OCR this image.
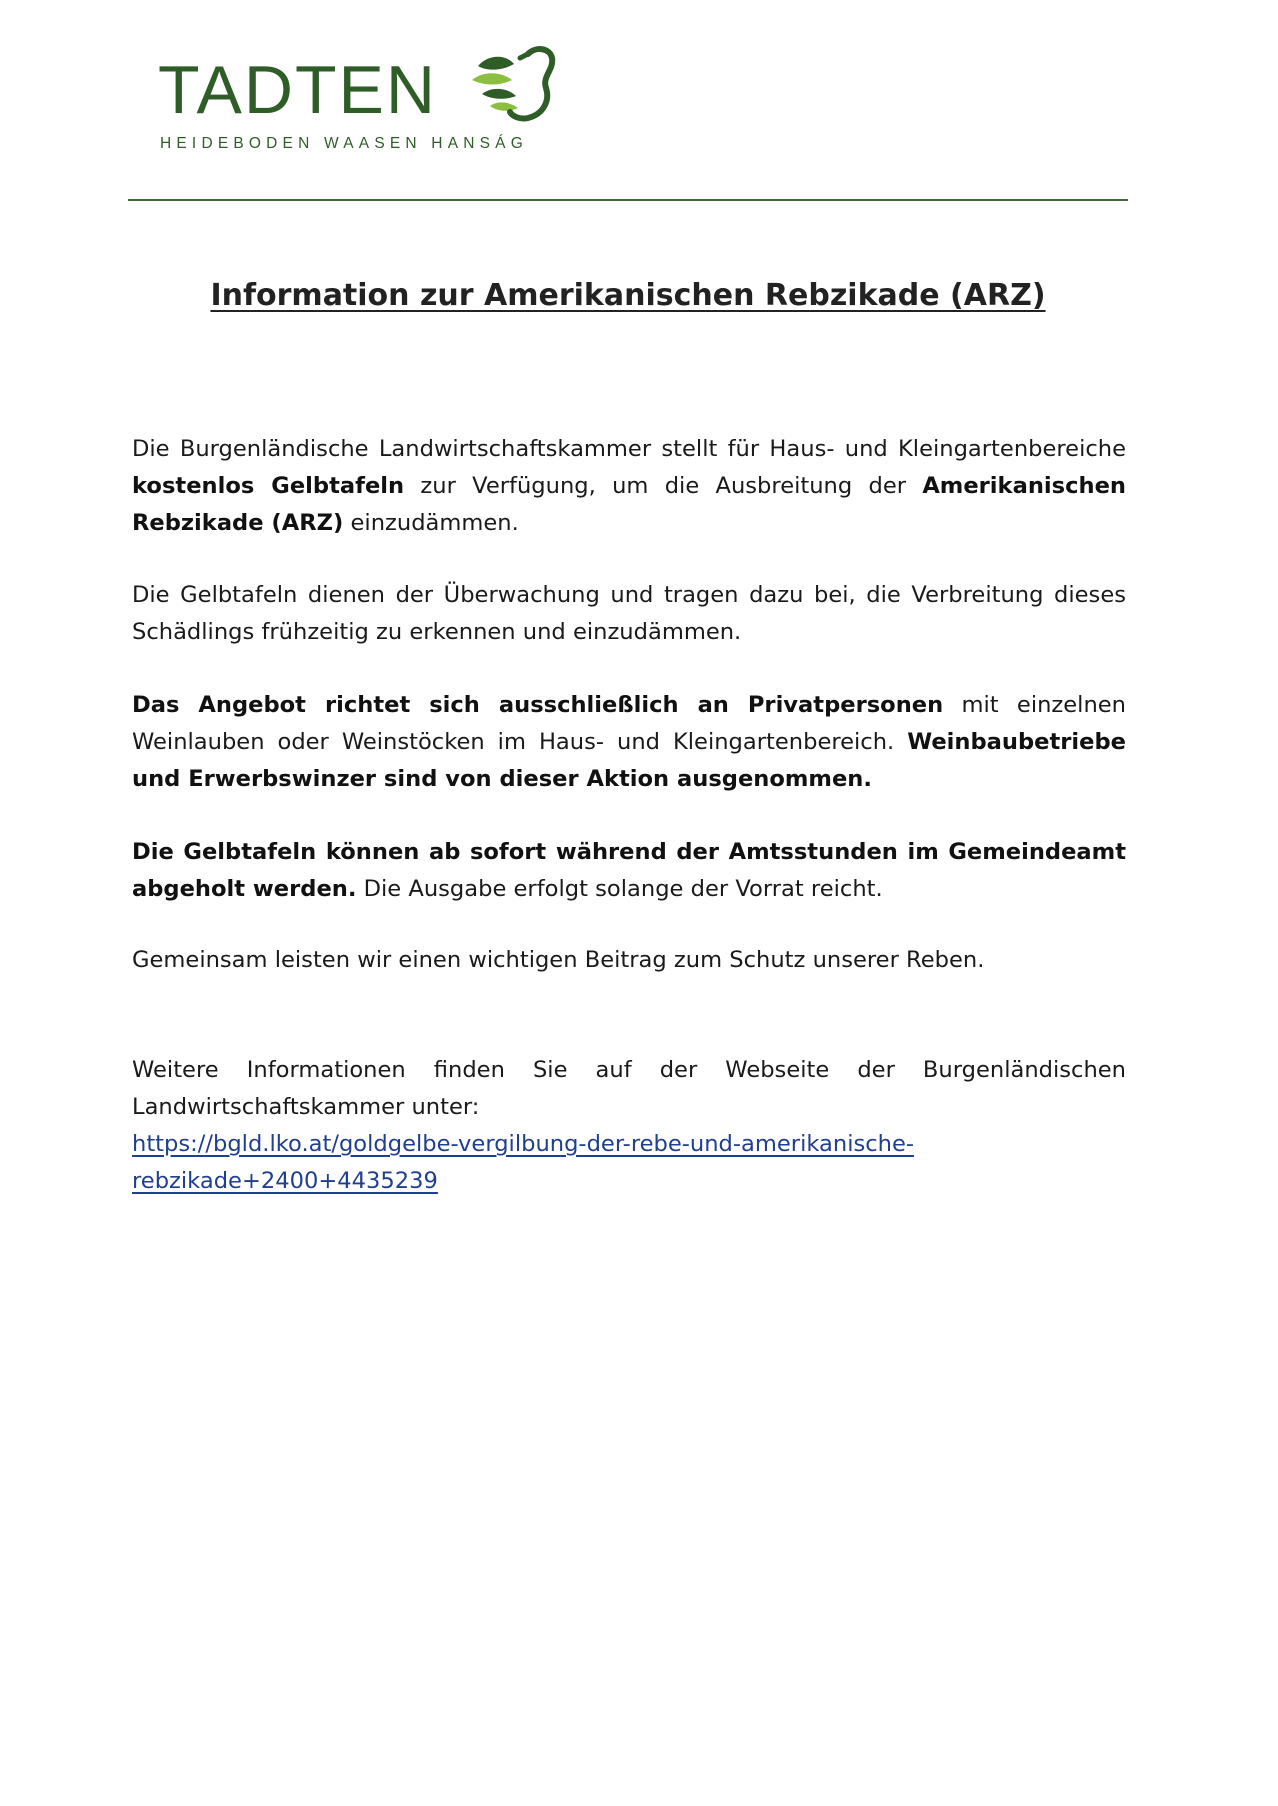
TADTEN
HEIDEBODEN WAASEN HANSÁG
Information zur Amerikanischen Rebzikade (ARZ)

Die Burgenländische Landwirtschaftskammer stellt für Haus- und Kleingartenbereiche kostenlos Gelbtafeln zur Verfügung, um die Ausbreitung der Amerikanischen Rebzikade (ARZ) einzudämmen.

Die Gelbtafeln dienen der Überwachung und tragen dazu bei, die Verbreitung dieses Schädlings frühzeitig zu erkennen und einzudämmen.

Das Angebot richtet sich ausschließlich an Privatpersonen mit einzelnen Weinlauben oder Weinstöcken im Haus- und Kleingartenbereich. Weinbaubetriebe und Erwerbswinzer sind von dieser Aktion ausgenommen.

Die Gelbtafeln können ab sofort während der Amtsstunden im Gemeindeamt abgeholt werden. Die Ausgabe erfolgt solange der Vorrat reicht.

Gemeinsam leisten wir einen wichtigen Beitrag zum Schutz unserer Reben.

Weitere Informationen finden Sie auf der Webseite der Burgenländischen Landwirtschaftskammer unter:

https://bgld.lko.at/goldgelbe-vergilbung-der-rebe-und-amerikanische-
rebzikade+2400+4435239
